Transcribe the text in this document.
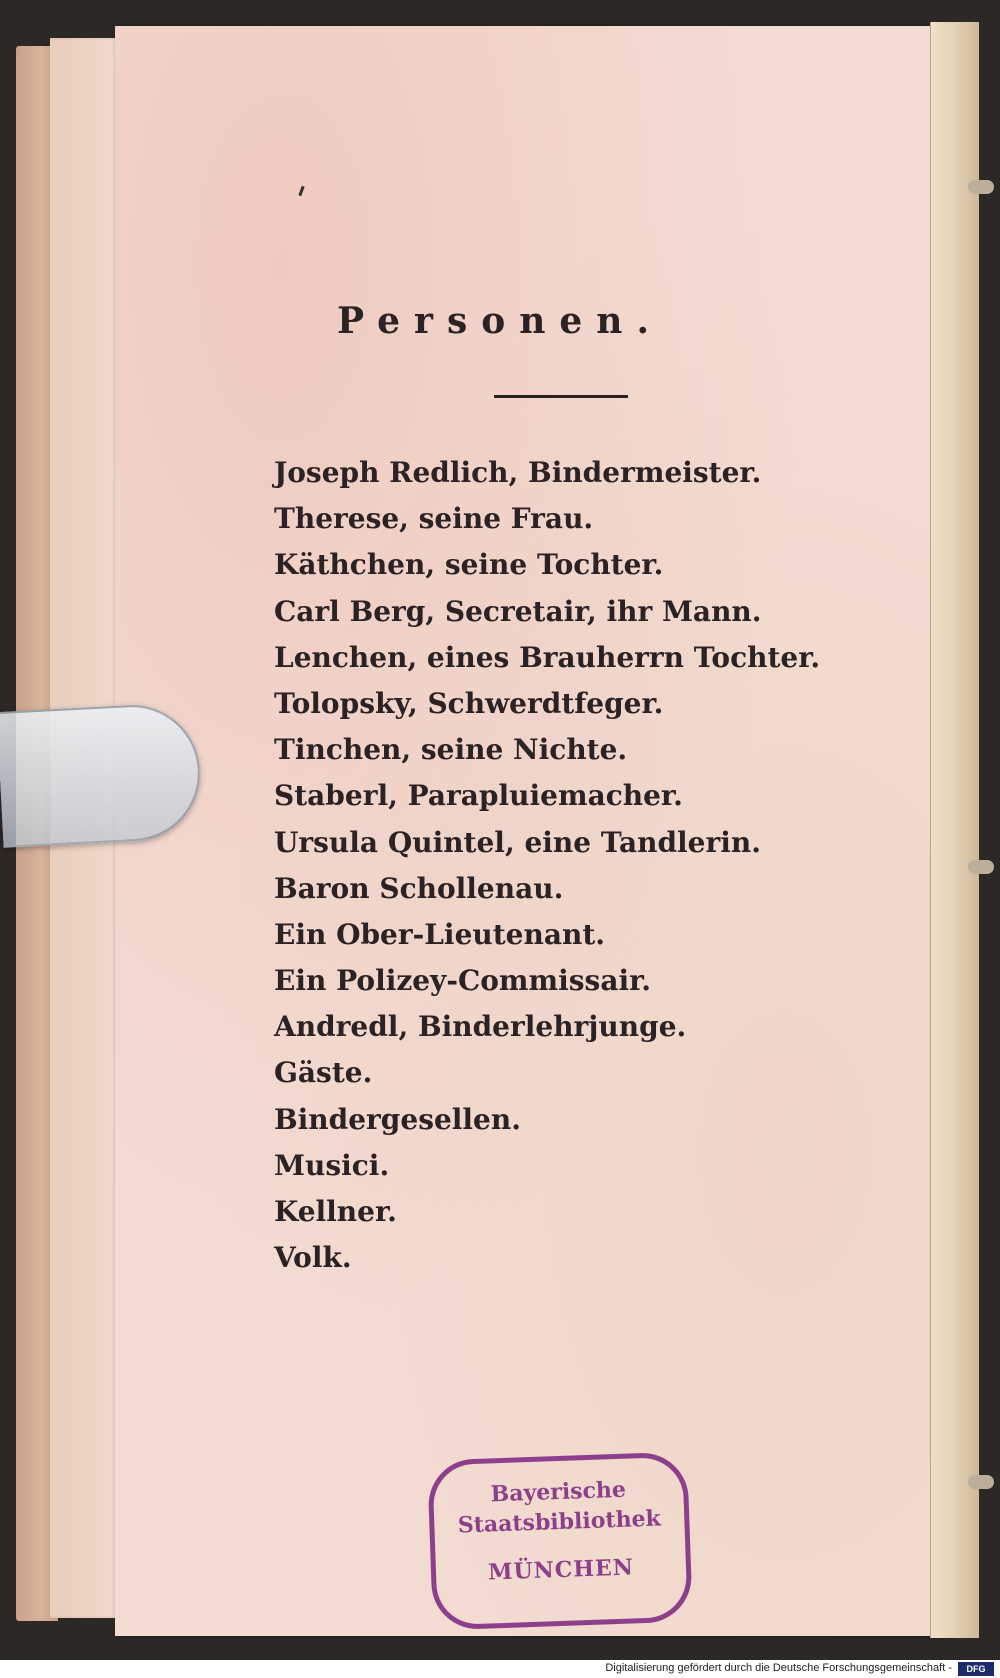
Personen.
Joseph Redlich, Bindermeister.
Therese, seine Frau.
Käthchen, seine Tochter.
Carl Berg, Secretair, ihr Mann.
Lenchen, eines Brauherrn Tochter.
Tolopsky, Schwerdtfeger.
Tinchen, seine Nichte.
Staberl, Parapluiemacher.
Ursula Quintel, eine Tandlerin.
Baron Schollenau.
Ein Ober-Lieutenant.
Ein Polizey-Commissair.
Andredl, Binderlehrjunge.
Gäste.
Bindergesellen.
Musici.
Kellner.
Volk.
Bayerische
Staatsbibliothek
MÜNCHEN
Digitalisierung gefördert durch die Deutsche Forschungsgemeinschaft -	DFG
